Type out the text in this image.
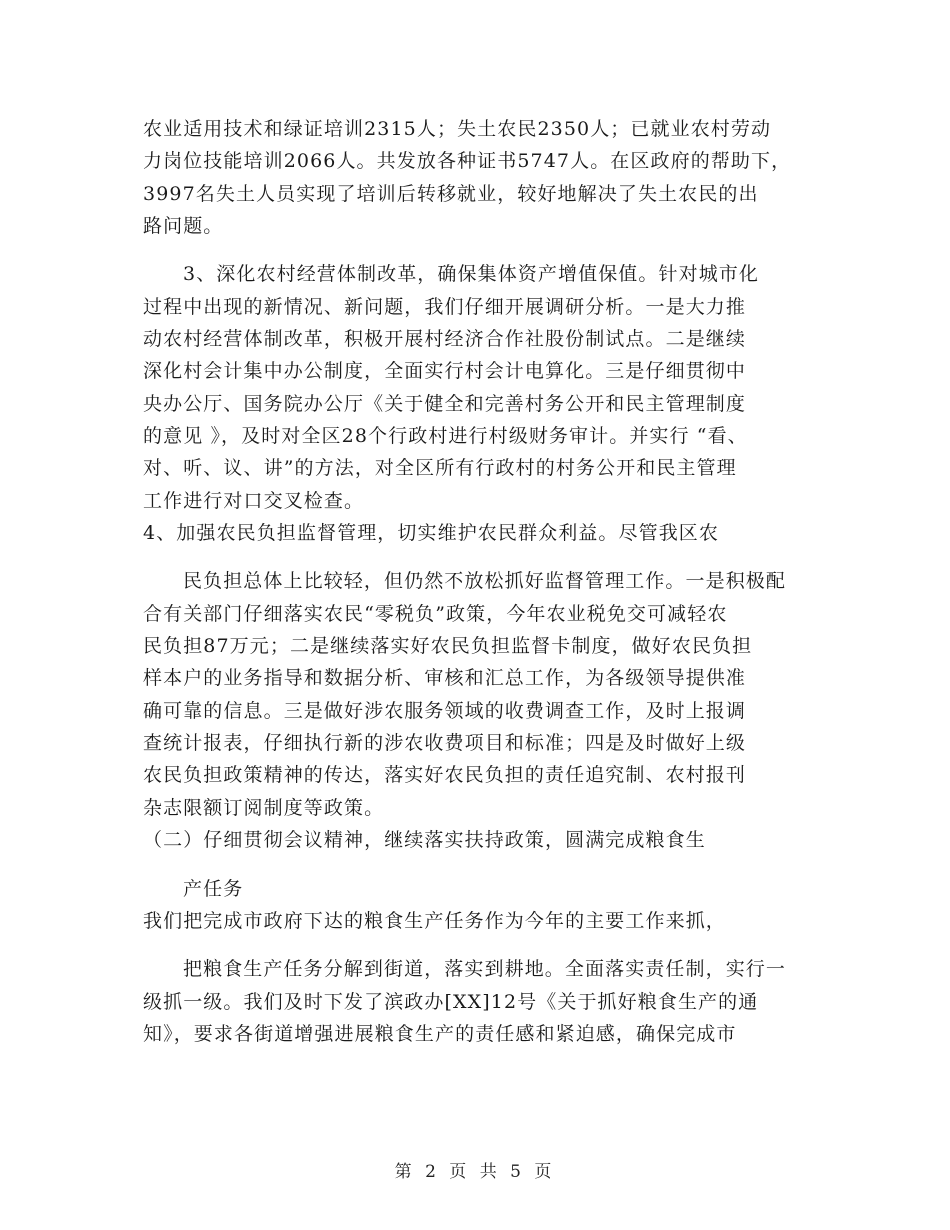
农业适用技术和绿证培训2315人；失土农民2350人；已就业农村劳动
力岗位技能培训2066人。共发放各种证书5747人。在区政府的帮助下，
3997名失土人员实现了培训后转移就业，较好地解决了失土农民的出
路问题。
3、深化农村经营体制改革，确保集体资产增值保值。针对城市化
过程中出现的新情况、新问题，我们仔细开展调研分析。一是大力推
动农村经营体制改革，积极开展村经济合作社股份制试点。二是继续
深化村会计集中办公制度，全面实行村会计电算化。三是仔细贯彻中
央办公厅、国务院办公厅《关于健全和完善村务公开和民主管理制度
的意见 》，及时对全区28个行政村进行村级财务审计。并实行 “看、
对、听、议、讲”的方法，对全区所有行政村的村务公开和民主管理
工作进行对口交叉检查。
4、加强农民负担监督管理，切实维护农民群众利益。尽管我区农
民负担总体上比较轻，但仍然不放松抓好监督管理工作。一是积极配
合有关部门仔细落实农民“零税负”政策，今年农业税免交可减轻农
民负担87万元；二是继续落实好农民负担监督卡制度，做好农民负担
样本户的业务指导和数据分析、审核和汇总工作，为各级领导提供准
确可靠的信息。三是做好涉农服务领域的收费调查工作，及时上报调
查统计报表，仔细执行新的涉农收费项目和标准；四是及时做好上级
农民负担政策精神的传达，落实好农民负担的责任追究制、农村报刊
杂志限额订阅制度等政策。
（二）仔细贯彻会议精神，继续落实扶持政策，圆满完成粮食生
产任务
我们把完成市政府下达的粮食生产任务作为今年的主要工作来抓，
把粮食生产任务分解到街道，落实到耕地。全面落实责任制，实行一
级抓一级。我们及时下发了滨政办[XX]12号《关于抓好粮食生产的通
知》，要求各街道增强进展粮食生产的责任感和紧迫感，确保完成市
第 2 页 共 5 页
